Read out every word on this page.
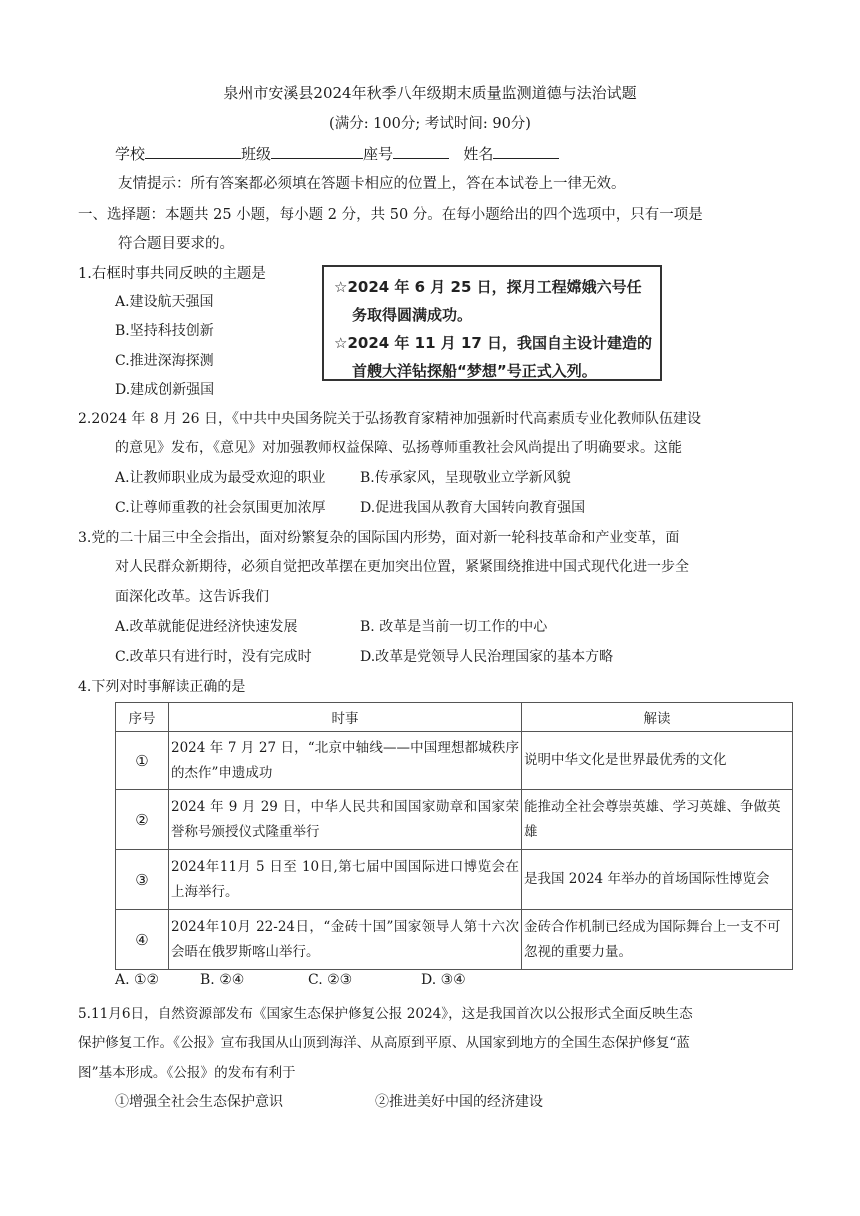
泉州市安溪县2024年秋季八年级期末质量监测道德与法治试题
(满分: 100分; 考试时间: 90分)
学校	班级	座号	姓名
友情提示：所有答案都必须填在答题卡相应的位置上，答在本试卷上一律无效。
一、选择题：本题共 25 小题，每小题 2 分，共 50 分。在每小题给出的四个选项中，只有一项是
符合题目要求的。
1.右框时事共同反映的主题是
A.建设航天强国
B.坚持科技创新
C.推进深海探测
D.建成创新强国
☆2024 年 6 月 25 日，探月工程嫦娥六号任
务取得圆满成功。
☆2024 年 11 月 17 日，我国自主设计建造的
首艘大洋钻探船“梦想”号正式入列。
2.2024 年 8 月 26 日，《中共中央国务院关于弘扬教育家精神加强新时代高素质专业化教师队伍建设
的意见》发布，《意见》对加强教师权益保障、弘扬尊师重教社会风尚提出了明确要求。这能
A.让教师职业成为最受欢迎的职业 B.传承家风，呈现敬业立学新风貌
C.让尊师重教的社会氛围更加浓厚 D.促进我国从教育大国转向教育强国
3.党的二十届三中全会指出，面对纷繁复杂的国际国内形势，面对新一轮科技革命和产业变革，面
对人民群众新期待，必须自觉把改革摆在更加突出位置，紧紧围绕推进中国式现代化进一步全
面深化改革。这告诉我们
A.改革就能促进经济快速发展	B. 改革是当前一切工作的中心
C.改革只有进行时，没有完成时	D.改革是党领导人民治理国家的基本方略
4.下列对时事解读正确的是
序号	时事	解读
①	2024 年 7 月 27 日，“北京中轴线——中国理想都城秩序的杰作”申遗成功	说明中华文化是世界最优秀的文化
②	2024 年 9 月 29 日，中华人民共和国国家勋章和国家荣誉称号颁授仪式隆重举行	能推动全社会尊崇英雄、学习英雄、争做英雄
③	2024年11月 5 日至 10日,第七届中国国际进口博览会在上海举行。	是我国 2024 年举办的首场国际性博览会
④	2024年10月 22-24日，“金砖十国”国家领导人第十六次会晤在俄罗斯喀山举行。	金砖合作机制已经成为国际舞台上一支不可忽视的重要力量。
A. ①②	B. ②④	C. ②③	D. ③④
5.11月6日，自然资源部发布《国家生态保护修复公报 2024》，这是我国首次以公报形式全面反映生态
保护修复工作。《公报》宣布我国从山顶到海洋、从高原到平原、从国家到地方的全国生态保护修复“蓝
图”基本形成。《公报》的发布有利于
①增强全社会生态保护意识	②推进美好中国的经济建设
